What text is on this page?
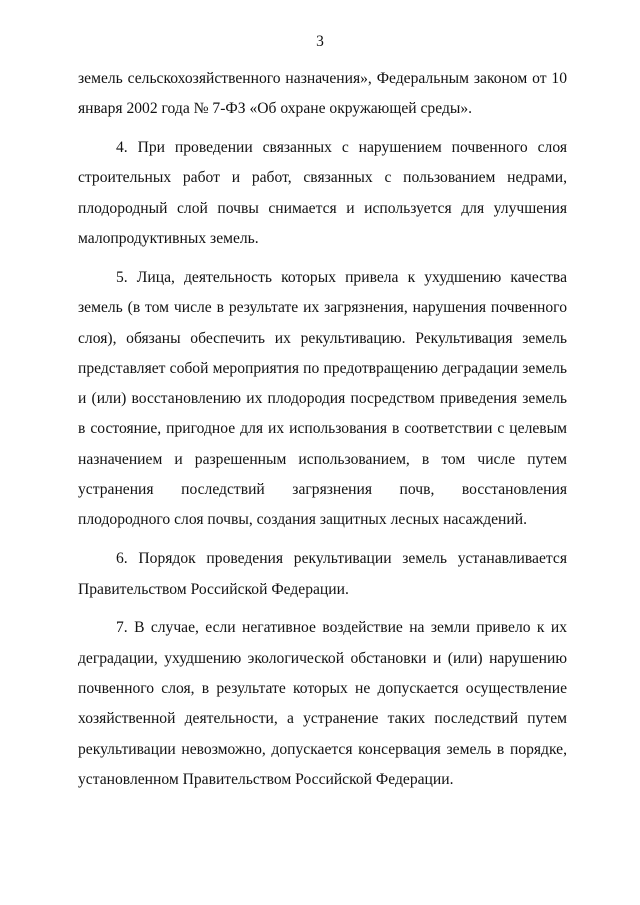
3

земель сельскохозяйственного назначения», Федеральным законом от 10 января 2002 года № 7-ФЗ «Об охране окружающей среды».

4. При проведении связанных с нарушением почвенного слоя строительных работ и работ, связанных с пользованием недрами, плодородный слой почвы снимается и используется для улучшения малопродуктивных земель.

5. Лица, деятельность которых привела к ухудшению качества земель (в том числе в результате их загрязнения, нарушения почвенного слоя), обязаны обеспечить их рекультивацию. Рекультивация земель представляет собой мероприятия по предотвращению деградации земель и (или) восстановлению их плодородия посредством приведения земель в состояние, пригодное для их использования в соответствии с целевым назначением и разрешенным использованием, в том числе путем устранения последствий загрязнения почв, восстановления плодородного слоя почвы, создания защитных лесных насаждений.

6. Порядок проведения рекультивации земель устанавливается Правительством Российской Федерации.

7. В случае, если негативное воздействие на земли привело к их деградации, ухудшению экологической обстановки и (или) нарушению почвенного слоя, в результате которых не допускается осуществление хозяйственной деятельности, а устранение таких последствий путем рекультивации невозможно, допускается консервация земель в порядке, установленном Правительством Российской Федерации.
